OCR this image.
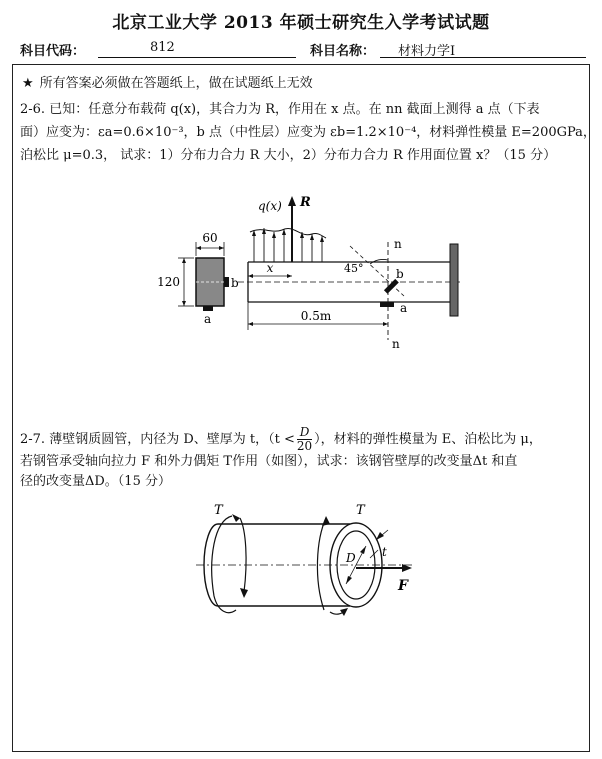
北京工业大学 2013 年硕士研究生入学考试试题
科目代码：	812	科目名称： 材料力学I
★ 所有答案必须做在答题纸上，做在试题纸上无效
2-6. 已知：任意分布载荷 q(x)，其合力为 R，作用在 x 点。在 nn 截面上测得 a 点（下表
面）应变为：εa=0.6×10⁻³，b 点（中性层）应变为 εb=1.2×10⁻⁴，材料弹性模量 E=200GPa，
泊松比 μ=0.3， 试求：1）分布力合力 R 大小，2）分布力合力 R 作用面位置 x？（15 分）
60
120	b
a
q(x) R
x
n
n
45°	b
a
0.5m
2-7. 薄壁钢质圆管，内径为 D、壁厚为 t，（$t < \frac{D}{20}$ ），材料的弹性模量为 E、泊松比为 μ，
若钢管承受轴向拉力 F 和外力偶矩 T作用（如图），试求：该钢管壁厚的改变量Δt 和直
径的改变量ΔD。（15 分）
T	T
D t
F
